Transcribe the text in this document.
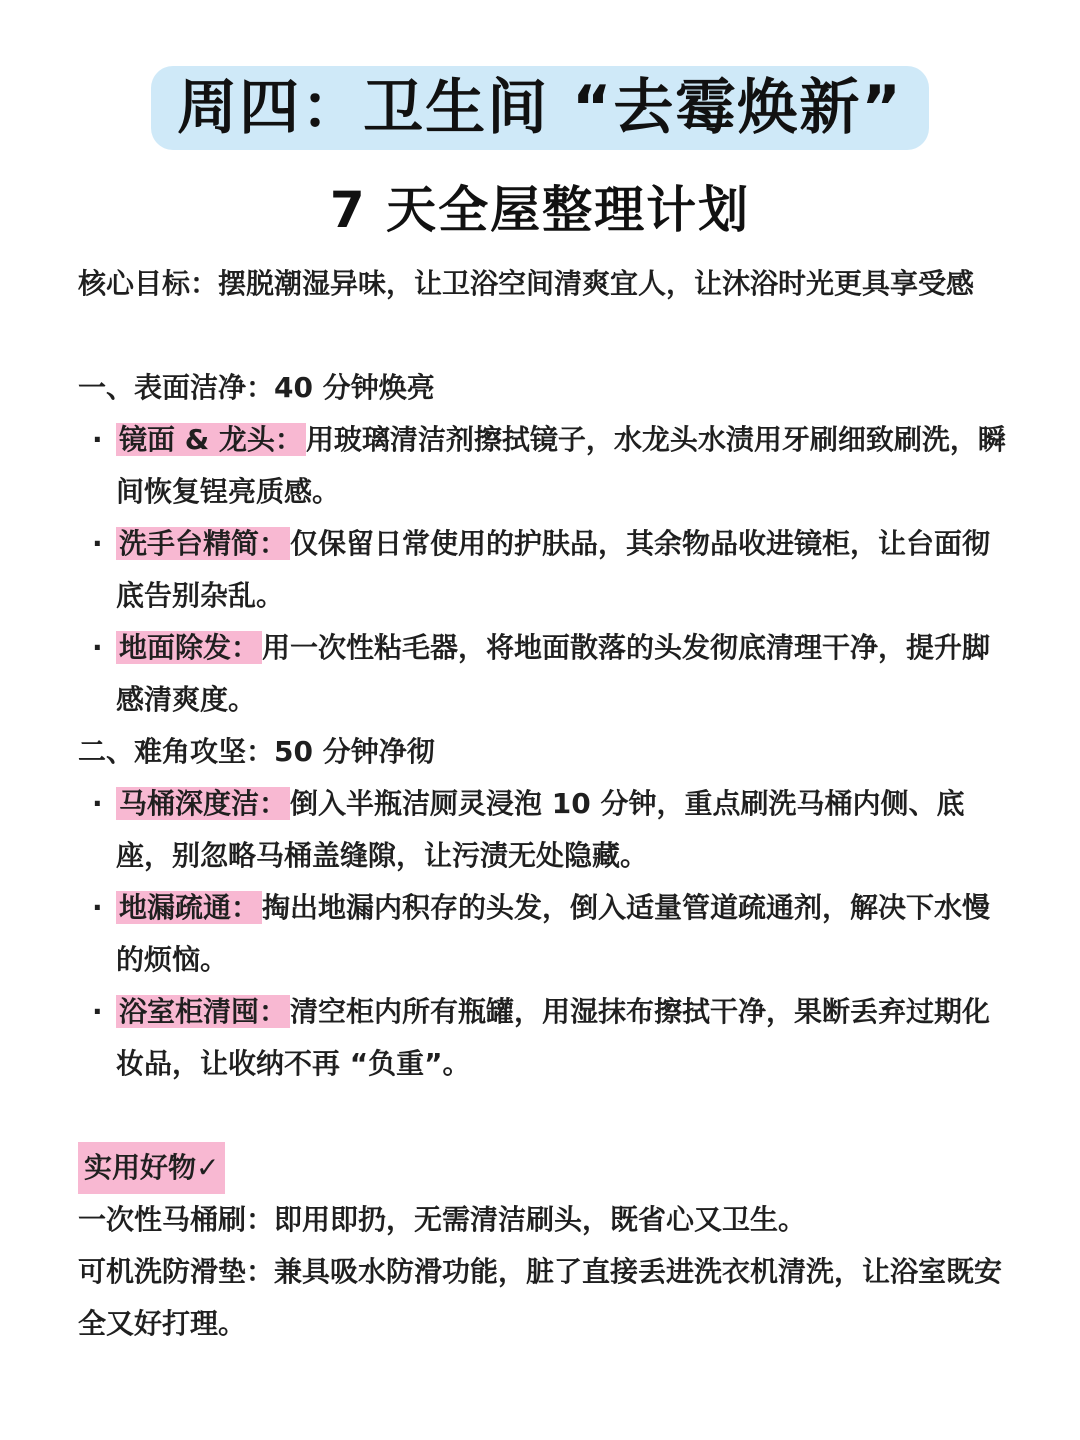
周四：卫生间 “去霉焕新”
7 天全屋整理计划

核心目标：摆脱潮湿异味，让卫浴空间清爽宜人，让沐浴时光更具享受感

一、表面洁净：40 分钟焕亮

· 镜面 & 龙头： 用玻璃清洁剂擦拭镜子，水龙头水渍用牙刷细致刷洗，瞬间恢复锃亮质感。
· 洗手台精简： 仅保留日常使用的护肤品，其余物品收进镜柜，让台面彻底告别杂乱。
· 地面除发： 用一次性粘毛器，将地面散落的头发彻底清理干净，提升脚感清爽度。

二、难角攻坚：50 分钟净彻

· 马桶深度洁： 倒入半瓶洁厕灵浸泡 10 分钟，重点刷洗马桶内侧、底座，别忽略马桶盖缝隙，让污渍无处隐藏。
· 地漏疏通： 掏出地漏内积存的头发，倒入适量管道疏通剂，解决下水慢的烦恼。
· 浴室柜清囤： 清空柜内所有瓶罐，用湿抹布擦拭干净，果断丢弃过期化妆品，让收纳不再 “负重”。
实用好物✓

一次性马桶刷：即用即扔，无需清洁刷头，既省心又卫生。

可机洗防滑垫：兼具吸水防滑功能，脏了直接丢进洗衣机清洗，让浴室既安全又好打理。
